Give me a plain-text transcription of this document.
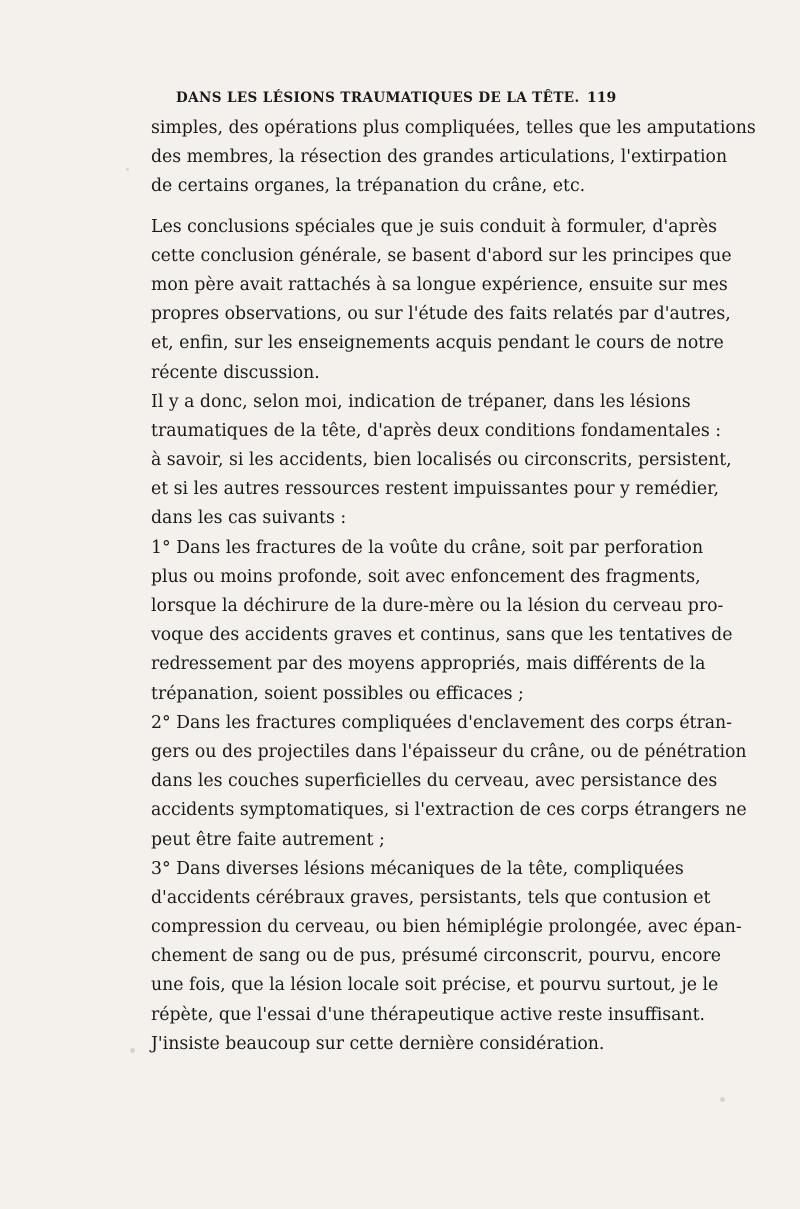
DANS LES LÉSIONS TRAUMATIQUES DE LA TÊTE. 119
simples, des opérations plus compliquées, telles que les amputations
des membres, la résection des grandes articulations, l'extirpation
de certains organes, la trépanation du crâne, etc.
Les conclusions spéciales que je suis conduit à formuler, d'après
cette conclusion générale, se basent d'abord sur les principes que
mon père avait rattachés à sa longue expérience, ensuite sur mes
propres observations, ou sur l'étude des faits relatés par d'autres,
et, enfin, sur les enseignements acquis pendant le cours de notre
récente discussion.
Il y a donc, selon moi, indication de trépaner, dans les lésions
traumatiques de la tête, d'après deux conditions fondamentales :
à savoir, si les accidents, bien localisés ou circonscrits, persistent,
et si les autres ressources restent impuissantes pour y remédier,
dans les cas suivants :
1° Dans les fractures de la voûte du crâne, soit par perforation
plus ou moins profonde, soit avec enfoncement des fragments,
lorsque la déchirure de la dure-mère ou la lésion du cerveau pro-
voque des accidents graves et continus, sans que les tentatives de
redressement par des moyens appropriés, mais différents de la
trépanation, soient possibles ou efficaces ;
2° Dans les fractures compliquées d'enclavement des corps étran-
gers ou des projectiles dans l'épaisseur du crâne, ou de pénétration
dans les couches superficielles du cerveau, avec persistance des
accidents symptomatiques, si l'extraction de ces corps étrangers ne
peut être faite autrement ;
3° Dans diverses lésions mécaniques de la tête, compliquées
d'accidents cérébraux graves, persistants, tels que contusion et
compression du cerveau, ou bien hémiplégie prolongée, avec épan-
chement de sang ou de pus, présumé circonscrit, pourvu, encore
une fois, que la lésion locale soit précise, et pourvu surtout, je le
répète, que l'essai d'une thérapeutique active reste insuffisant.
J'insiste beaucoup sur cette dernière considération.
